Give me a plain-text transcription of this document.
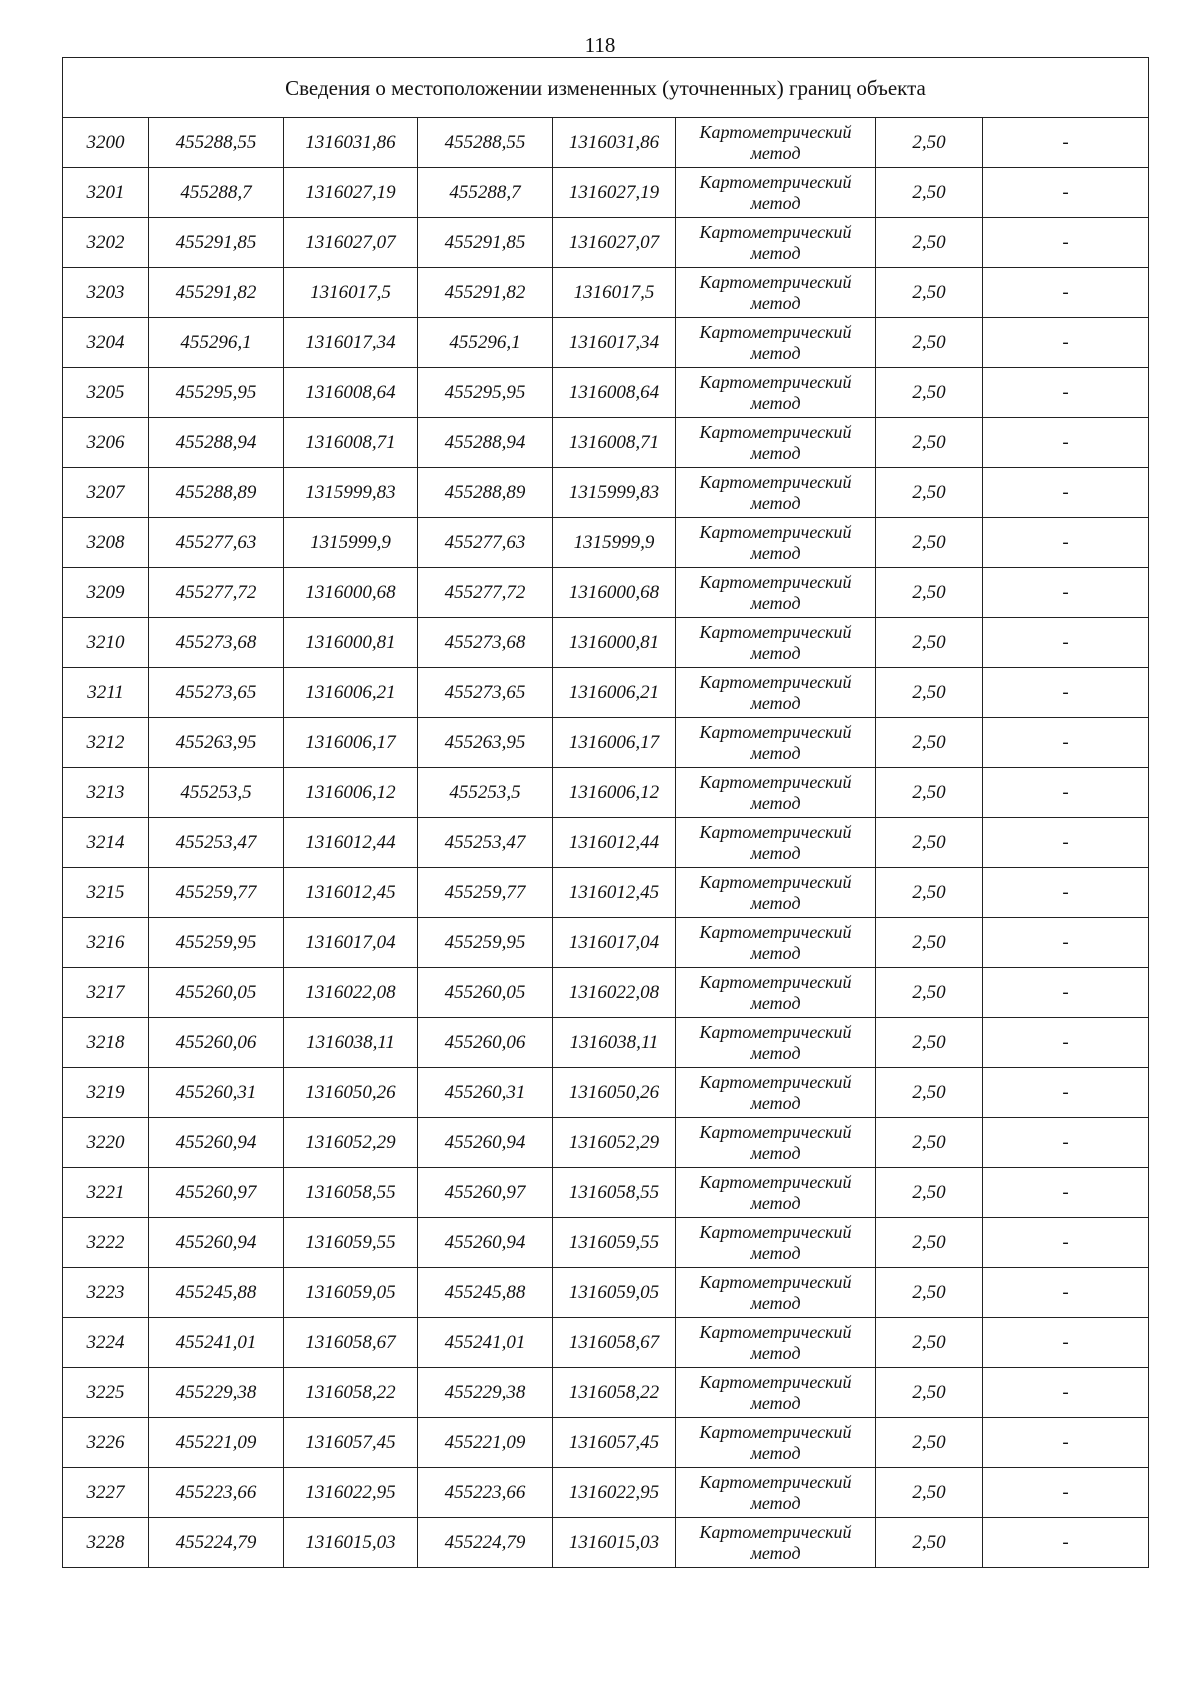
118
Сведения о местоположении измененных (уточненных) границ объекта							
3200	455288,55	1316031,86	455288,55	1316031,86	Картометрический метод	2,50	-
3201	455288,7	1316027,19	455288,7	1316027,19	Картометрический метод	2,50	-
3202	455291,85	1316027,07	455291,85	1316027,07	Картометрический метод	2,50	-
3203	455291,82	1316017,5	455291,82	1316017,5	Картометрический метод	2,50	-
3204	455296,1	1316017,34	455296,1	1316017,34	Картометрический метод	2,50	-
3205	455295,95	1316008,64	455295,95	1316008,64	Картометрический метод	2,50	-
3206	455288,94	1316008,71	455288,94	1316008,71	Картометрический метод	2,50	-
3207	455288,89	1315999,83	455288,89	1315999,83	Картометрический метод	2,50	-
3208	455277,63	1315999,9	455277,63	1315999,9	Картометрический метод	2,50	-
3209	455277,72	1316000,68	455277,72	1316000,68	Картометрический метод	2,50	-
3210	455273,68	1316000,81	455273,68	1316000,81	Картометрический метод	2,50	-
3211	455273,65	1316006,21	455273,65	1316006,21	Картометрический метод	2,50	-
3212	455263,95	1316006,17	455263,95	1316006,17	Картометрический метод	2,50	-
3213	455253,5	1316006,12	455253,5	1316006,12	Картометрический метод	2,50	-
3214	455253,47	1316012,44	455253,47	1316012,44	Картометрический метод	2,50	-
3215	455259,77	1316012,45	455259,77	1316012,45	Картометрический метод	2,50	-
3216	455259,95	1316017,04	455259,95	1316017,04	Картометрический метод	2,50	-
3217	455260,05	1316022,08	455260,05	1316022,08	Картометрический метод	2,50	-
3218	455260,06	1316038,11	455260,06	1316038,11	Картометрический метод	2,50	-
3219	455260,31	1316050,26	455260,31	1316050,26	Картометрический метод	2,50	-
3220	455260,94	1316052,29	455260,94	1316052,29	Картометрический метод	2,50	-
3221	455260,97	1316058,55	455260,97	1316058,55	Картометрический метод	2,50	-
3222	455260,94	1316059,55	455260,94	1316059,55	Картометрический метод	2,50	-
3223	455245,88	1316059,05	455245,88	1316059,05	Картометрический метод	2,50	-
3224	455241,01	1316058,67	455241,01	1316058,67	Картометрический метод	2,50	-
3225	455229,38	1316058,22	455229,38	1316058,22	Картометрический метод	2,50	-
3226	455221,09	1316057,45	455221,09	1316057,45	Картометрический метод	2,50	-
3227	455223,66	1316022,95	455223,66	1316022,95	Картометрический метод	2,50	-
3228	455224,79	1316015,03	455224,79	1316015,03	Картометрический метод	2,50	-
